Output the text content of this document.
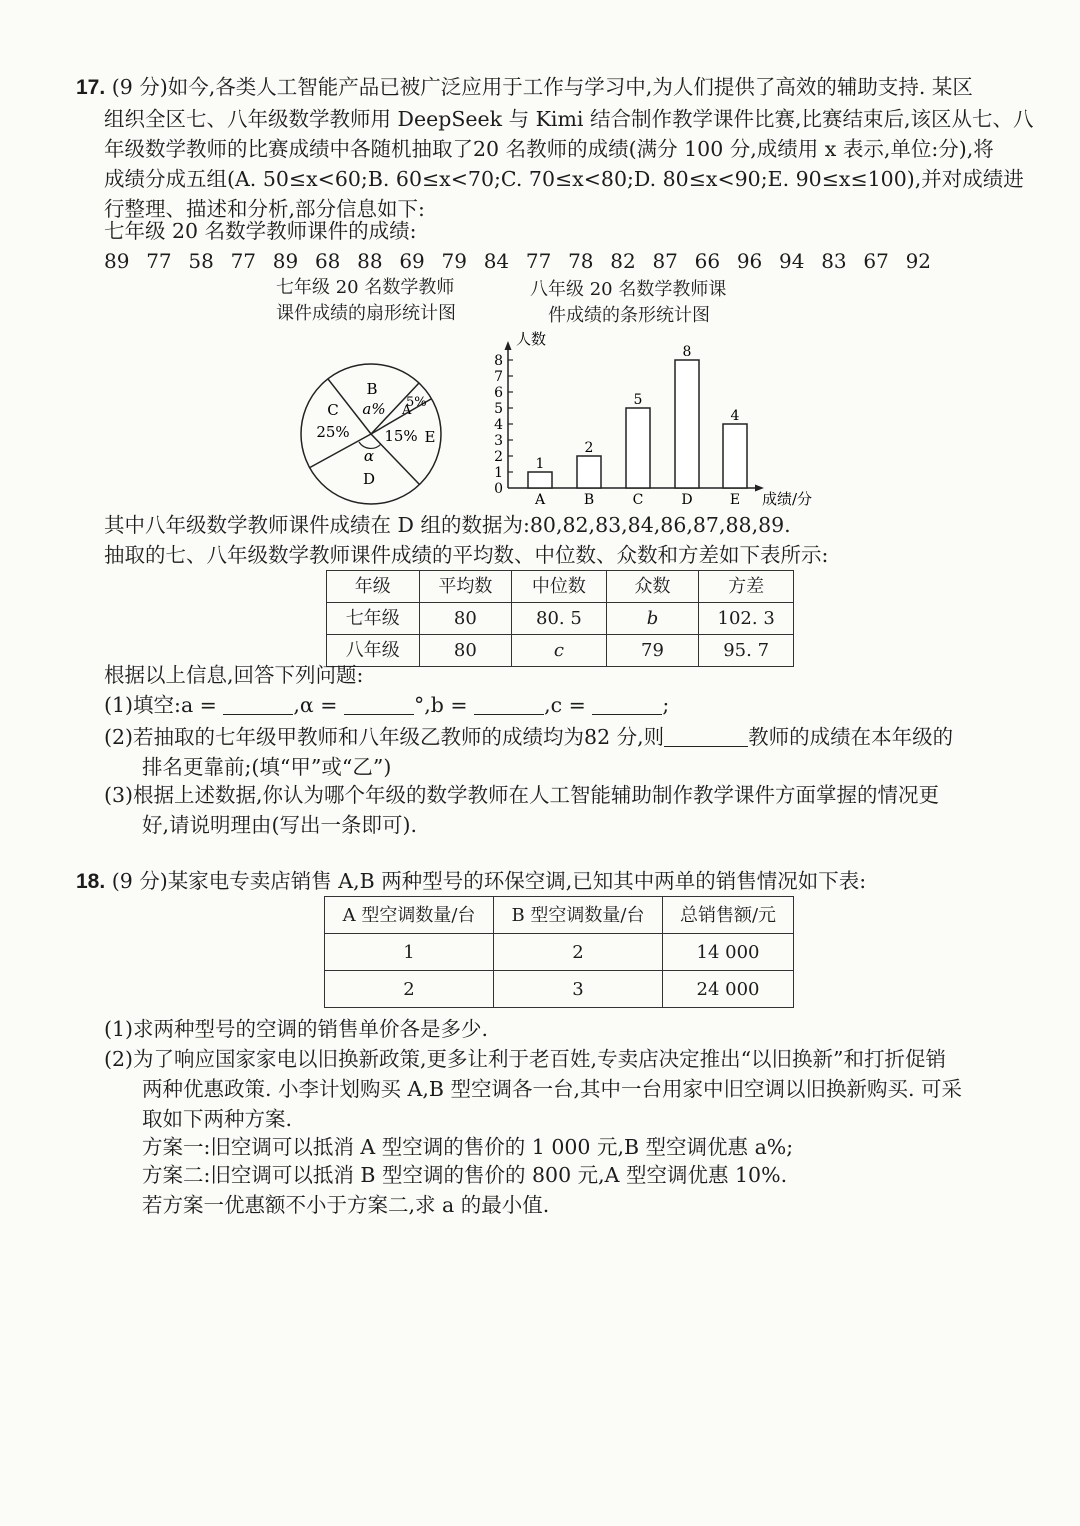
17. (9 分)如今,各类人工智能产品已被广泛应用于工作与学习中,为人们提供了高效的辅助支持. 某区
组织全区七、八年级数学教师用 DeepSeek 与 Kimi 结合制作教学课件比赛,比赛结束后,该区从七、八
年级数学教师的比赛成绩中各随机抽取了20 名教师的成绩(满分 100 分,成绩用 x 表示,单位:分),将
成绩分成五组(A. 50≤x<60;B. 60≤x<70;C. 70≤x<80;D. 80≤x<90;E. 90≤x≤100),并对成绩进
行整理、描述和分析,部分信息如下:
七年级 20 名数学教师课件的成绩:
89 77 58 77 89 68 88 69 79 84 77 78 82 87 66 96 94 83 67 92
七年级 20 名数学教师
课件成绩的扇形统计图
八年级 20 名数学教师课
件成绩的条形统计图
B
a% A
5%
C
25% 15% E
α
D
人数
成绩/分
0
1
2
3
4
5
6
7
8
1
A
2
B
5
C
8
D
4
E
其中八年级数学教师课件成绩在 D 组的数据为:80,82,83,84,86,87,88,89.
抽取的七、八年级数学教师课件成绩的平均数、中位数、众数和方差如下表所示:
年级	平均数	中位数	众数	方差
七年级	80	80. 5	b	102. 3
八年级	80	c	79	95. 7
根据以上信息,回答下列问题:
(1)填空:a =	,α =	°,b =	,c =	;
(2)若抽取的七年级甲教师和八年级乙教师的成绩均为82 分,则	教师的成绩在本年级的
排名更靠前;(填“甲”或“乙”)
(3)根据上述数据,你认为哪个年级的数学教师在人工智能辅助制作教学课件方面掌握的情况更
好,请说明理由(写出一条即可).
18. (9 分)某家电专卖店销售 A,B 两种型号的环保空调,已知其中两单的销售情况如下表:
A 型空调数量/台	B 型空调数量/台	总销售额/元
1	2	14 000
2	3	24 000
(1)求两种型号的空调的销售单价各是多少.
(2)为了响应国家家电以旧换新政策,更多让利于老百姓,专卖店决定推出“以旧换新”和打折促销
两种优惠政策. 小李计划购买 A,B 型空调各一台,其中一台用家中旧空调以旧换新购买. 可采
取如下两种方案.
方案一:旧空调可以抵消 A 型空调的售价的 1 000 元,B 型空调优惠 a%;
方案二:旧空调可以抵消 B 型空调的售价的 800 元,A 型空调优惠 10%.
若方案一优惠额不小于方案二,求 a 的最小值.
